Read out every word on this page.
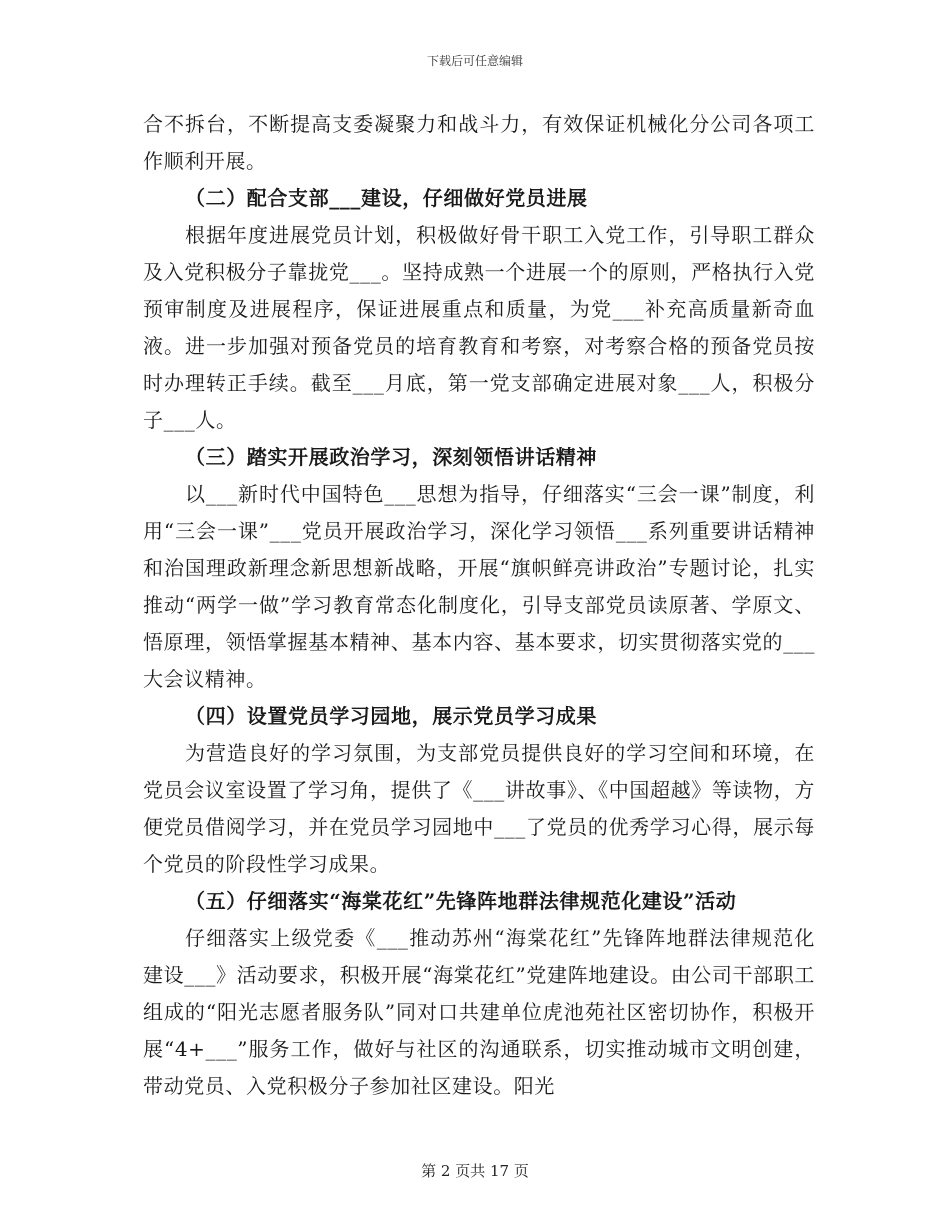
下载后可任意编辑

合不拆台，不断提高支委凝聚力和战斗力，有效保证机械化分公司各项工作顺利开展。

（二）配合支部___建设，仔细做好党员进展

根据年度进展党员计划，积极做好骨干职工入党工作，引导职工群众及入党积极分子靠拢党___。坚持成熟一个进展一个的原则，严格执行入党预审制度及进展程序，保证进展重点和质量，为党___补充高质量新奇血液。进一步加强对预备党员的培育教育和考察，对考察合格的预备党员按时办理转正手续。截至___月底，第一党支部确定进展对象___人，积极分子___人。

（三）踏实开展政治学习，深刻领悟讲话精神

以___新时代中国特色___思想为指导，仔细落实“三会一课”制度，利用“三会一课”___党员开展政治学习，深化学习领悟___系列重要讲话精神和治国理政新理念新思想新战略，开展“旗帜鲜亮讲政治”专题讨论，扎实推动“两学一做”学习教育常态化制度化，引导支部党员读原著、学原文、悟原理，领悟掌握基本精神、基本内容、基本要求，切实贯彻落实党的___大会议精神。

（四）设置党员学习园地，展示党员学习成果

为营造良好的学习氛围，为支部党员提供良好的学习空间和环境，在党员会议室设置了学习角，提供了《___讲故事》、《中国超越》等读物，方便党员借阅学习，并在党员学习园地中___了党员的优秀学习心得，展示每个党员的阶段性学习成果。

（五）仔细落实“海棠花红”先锋阵地群法律规范化建设”活动

仔细落实上级党委《___推动苏州“海棠花红”先锋阵地群法律规范化建设___》活动要求，积极开展“海棠花红”党建阵地建设。由公司干部职工组成的“阳光志愿者服务队”同对口共建单位虎池苑社区密切协作，积极开展“4+___”服务工作，做好与社区的沟通联系，切实推动城市文明创建，带动党员、入党积极分子参加社区建设。阳光

第 2 页共 17 页
